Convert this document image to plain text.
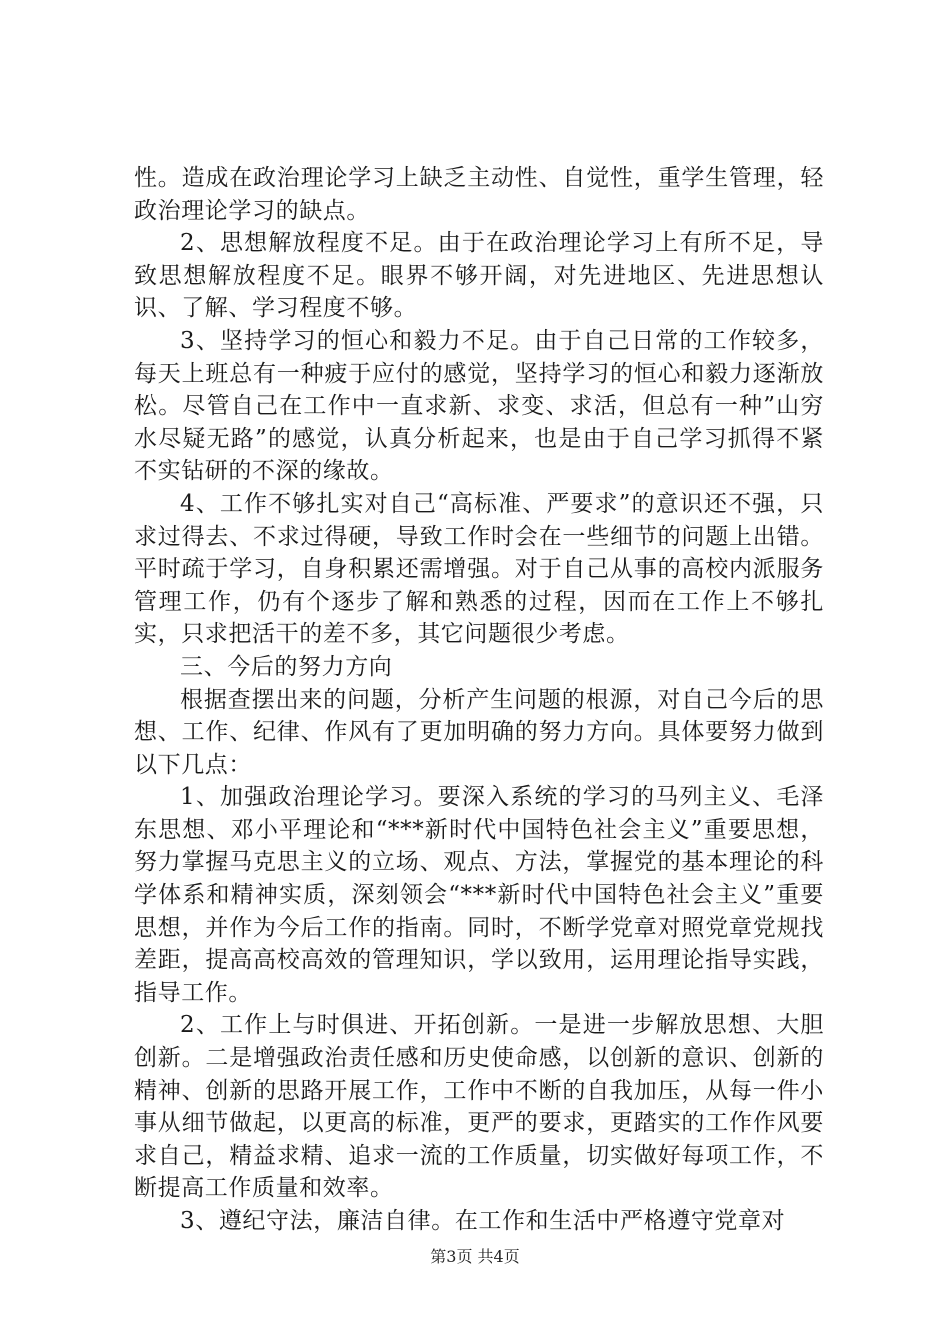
性。造成在政治理论学习上缺乏主动性、自觉性，重学生管理，轻政治理论学习的缺点。

2、思想解放程度不足。由于在政治理论学习上有所不足，导致思想解放程度不足。眼界不够开阔，对先进地区、先进思想认识、了解、学习程度不够。

3、坚持学习的恒心和毅力不足。由于自己日常的工作较多，每天上班总有一种疲于应付的感觉，坚持学习的恒心和毅力逐渐放松。尽管自己在工作中一直求新、求变、求活，但总有一种”山穷水尽疑无路”的感觉，认真分析起来，也是由于自己学习抓得不紧不实钻研的不深的缘故。

4、工作不够扎实对自己“高标准、严要求”的意识还不强，只求过得去、不求过得硬，导致工作时会在一些细节的问题上出错。平时疏于学习，自身积累还需增强。对于自己从事的高校内派服务管理工作，仍有个逐步了解和熟悉的过程，因而在工作上不够扎实，只求把活干的差不多，其它问题很少考虑。

三、今后的努力方向

根据查摆出来的问题，分析产生问题的根源，对自己今后的思想、工作、纪律、作风有了更加明确的努力方向。具体要努力做到以下几点：

1、加强政治理论学习。要深入系统的学习的马列主义、毛泽东思想、邓小平理论和“***新时代中国特色社会主义”重要思想，努力掌握马克思主义的立场、观点、方法，掌握党的基本理论的科学体系和精神实质，深刻领会“***新时代中国特色社会主义”重要思想，并作为今后工作的指南。同时，不断学党章对照党章党规找差距，提高高校高效的管理知识，学以致用，运用理论指导实践，指导工作。

2、工作上与时俱进、开拓创新。一是进一步解放思想、大胆创新。二是增强政治责任感和历史使命感，以创新的意识、创新的精神、创新的思路开展工作，工作中不断的自我加压，从每一件小事从细节做起，以更高的标准，更严的要求，更踏实的工作作风要求自己，精益求精、追求一流的工作质量，切实做好每项工作，不断提高工作质量和效率。

3、遵纪守法，廉洁自律。在工作和生活中严格遵守党章对

第3页 共4页
